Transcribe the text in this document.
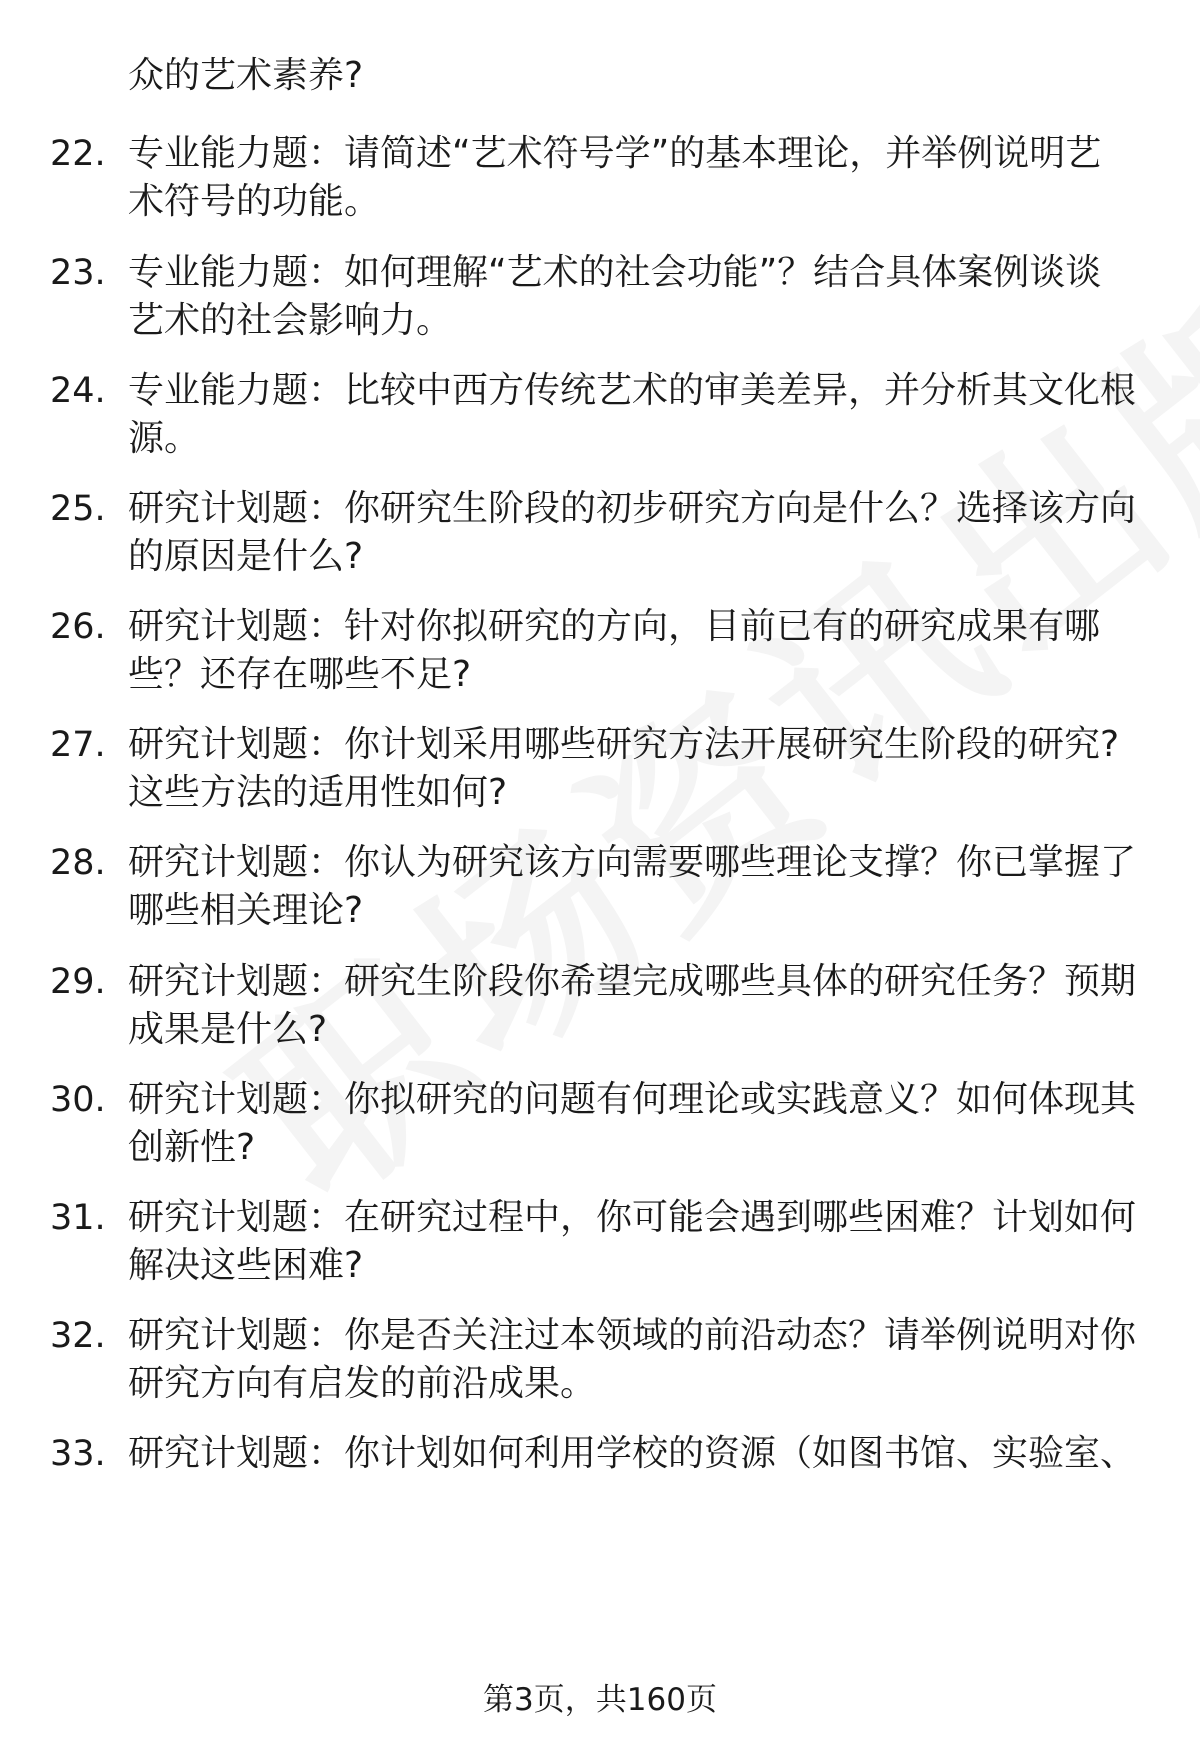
众的艺术素养?
22. 专业能力题：请简述“艺术符号学”的基本理论，并举例说明艺
术符号的功能。
23. 专业能力题：如何理解“艺术的社会功能”？结合具体案例谈谈
艺术的社会影响力。
24. 专业能力题：比较中西方传统艺术的审美差异，并分析其文化根
源。
25. 研究计划题：你研究生阶段的初步研究方向是什么？选择该方向
的原因是什么?
26. 研究计划题：针对你拟研究的方向，目前已有的研究成果有哪
些？还存在哪些不足?
27. 研究计划题：你计划采用哪些研究方法开展研究生阶段的研究?
这些方法的适用性如何?
28. 研究计划题：你认为研究该方向需要哪些理论支撑？你已掌握了
哪些相关理论?
29. 研究计划题：研究生阶段你希望完成哪些具体的研究任务？预期
成果是什么?
30. 研究计划题：你拟研究的问题有何理论或实践意义？如何体现其
创新性?
31. 研究计划题：在研究过程中，你可能会遇到哪些困难？计划如何
解决这些困难?
32. 研究计划题：你是否关注过本领域的前沿动态？请举例说明对你
研究方向有启发的前沿成果。
33. 研究计划题：你计划如何利用学校的资源（如图书馆、实验室、
第3页，共160页
